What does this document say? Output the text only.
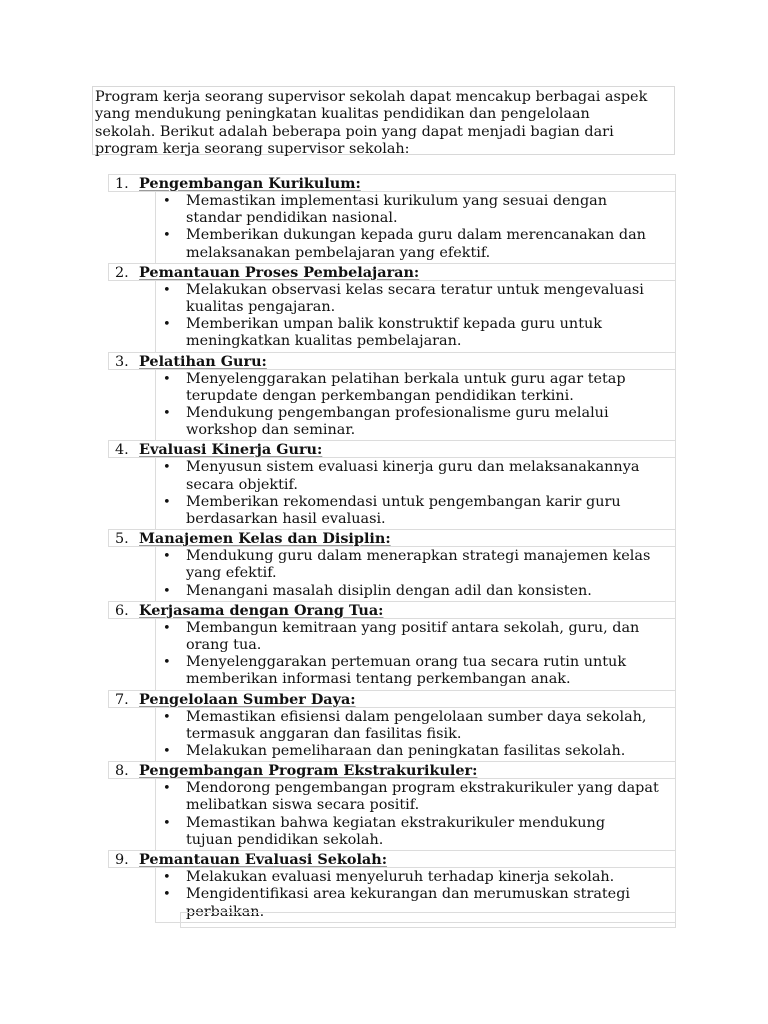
Program kerja seorang supervisor sekolah dapat mencakup berbagai aspek
yang mendukung peningkatan kualitas pendidikan dan pengelolaan
sekolah. Berikut adalah beberapa poin yang dapat menjadi bagian dari
program kerja seorang supervisor sekolah:
1. Pengembangan Kurikulum:
• Memastikan implementasi kurikulum yang sesuai dengan
standar pendidikan nasional.
• Memberikan dukungan kepada guru dalam merencanakan dan
melaksanakan pembelajaran yang efektif.
2. Pemantauan Proses Pembelajaran:
• Melakukan observasi kelas secara teratur untuk mengevaluasi
kualitas pengajaran.
• Memberikan umpan balik konstruktif kepada guru untuk
meningkatkan kualitas pembelajaran.
3. Pelatihan Guru:
• Menyelenggarakan pelatihan berkala untuk guru agar tetap
terupdate dengan perkembangan pendidikan terkini.
• Mendukung pengembangan profesionalisme guru melalui
workshop dan seminar.
4. Evaluasi Kinerja Guru:
• Menyusun sistem evaluasi kinerja guru dan melaksanakannya
secara objektif.
• Memberikan rekomendasi untuk pengembangan karir guru
berdasarkan hasil evaluasi.
5. Manajemen Kelas dan Disiplin:
• Mendukung guru dalam menerapkan strategi manajemen kelas
yang efektif.
• Menangani masalah disiplin dengan adil dan konsisten.
6. Kerjasama dengan Orang Tua:
• Membangun kemitraan yang positif antara sekolah, guru, dan
orang tua.
• Menyelenggarakan pertemuan orang tua secara rutin untuk
memberikan informasi tentang perkembangan anak.
7. Pengelolaan Sumber Daya:
• Memastikan efisiensi dalam pengelolaan sumber daya sekolah,
termasuk anggaran dan fasilitas fisik.
• Melakukan pemeliharaan dan peningkatan fasilitas sekolah.
8. Pengembangan Program Ekstrakurikuler:
• Mendorong pengembangan program ekstrakurikuler yang dapat
melibatkan siswa secara positif.
• Memastikan bahwa kegiatan ekstrakurikuler mendukung
tujuan pendidikan sekolah.
9. Pemantauan Evaluasi Sekolah:
• Melakukan evaluasi menyeluruh terhadap kinerja sekolah.
• Mengidentifikasi area kekurangan dan merumuskan strategi
perbaikan.
